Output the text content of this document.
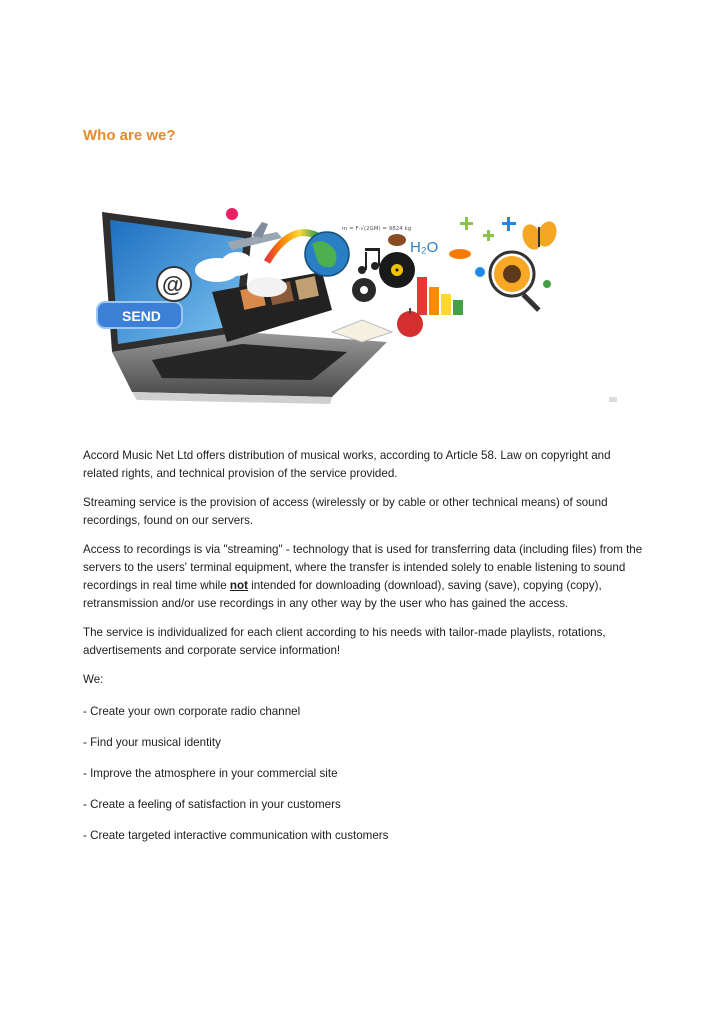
Who are we?
SEND
@
m = F·√(2GM) = 9824 kg
H₂O

Accord Music Net Ltd offers distribution of musical works, according to Article 58. Law on copyright and related rights, and technical provision of the service provided.

Streaming service is the provision of access (wirelessly or by cable or other technical means) of sound recordings, found on our servers.

Access to recordings is via "streaming" - technology that is used for transferring data (including files) from the servers to the users' terminal equipment, where the transfer is intended solely to enable listening to sound recordings in real time while not intended for downloading (download), saving (save), copying (copy), retransmission and/or use recordings in any other way by the user who has gained the access.

The service is individualized for each client according to his needs with tailor-made playlists, rotations, advertisements and corporate service information!

We:

- Create your own corporate radio channel
- Find your musical identity
- Improve the atmosphere in your commercial site
- Create a feeling of satisfaction in your customers
- Create targeted interactive communication with customers
